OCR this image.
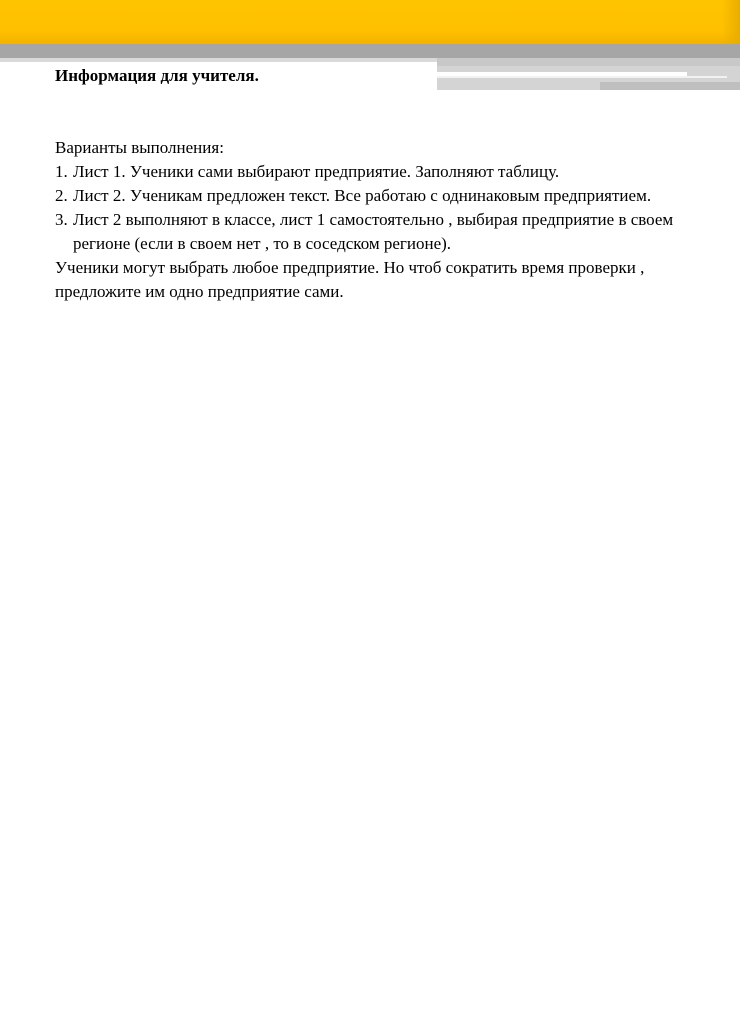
Информация для учителя.

Варианты выполнения:
1. Лист 1. Ученики сами выбирают предприятие. Заполняют таблицу.
2. Лист 2. Ученикам предложен текст. Все работаю с однинаковым предприятием.
3. Лист 2 выполняют в классе, лист 1 самостоятельно , выбирая предприятие в своем регионе (если в своем нет , то в соседском регионе).

Ученики могут выбрать любое предприятие. Но чтоб сократить время проверки , предложите им одно предприятие сами.
